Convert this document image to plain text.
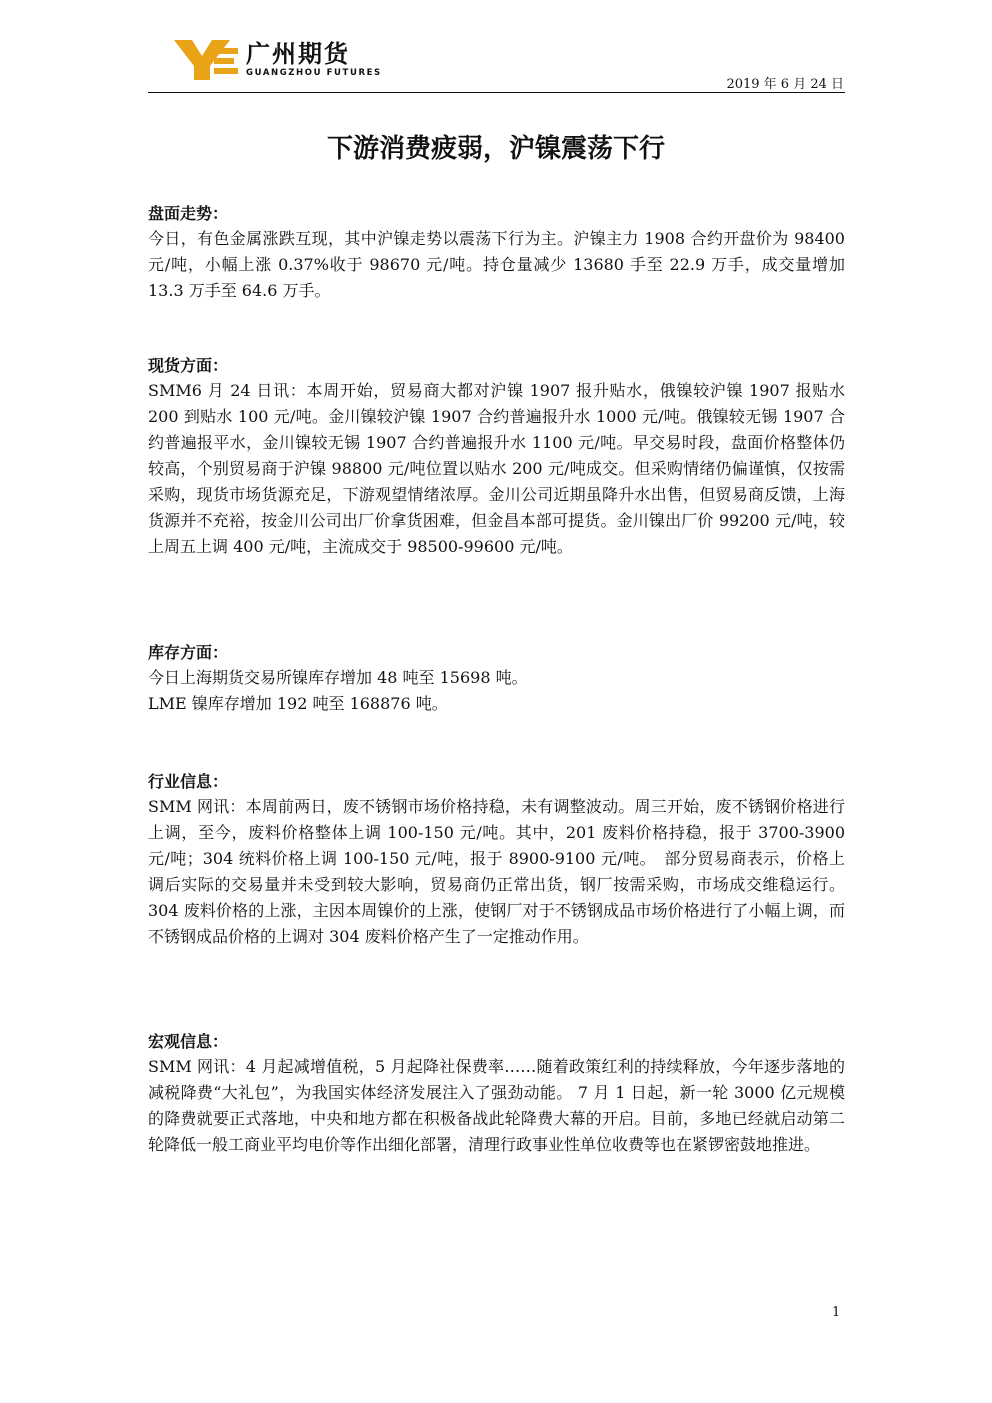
广州期货
GUANGZHOU FUTURES
2019 年 6 月 24 日
下游消费疲弱，沪镍震荡下行

盘面走势：

今日，有色金属涨跌互现，其中沪镍走势以震荡下行为主。沪镍主力 1908 合约开盘价为 98400 元/吨，小幅上涨 0.37%收于 98670 元/吨。持仓量减少 13680 手至 22.9 万手，成交量增加 13.3 万手至 64.6 万手。

现货方面：

SMM6 月 24 日讯：本周开始，贸易商大都对沪镍 1907 报升贴水，俄镍较沪镍 1907 报贴水 200 到贴水 100 元/吨。金川镍较沪镍 1907 合约普遍报升水 1000 元/吨。俄镍较无锡 1907 合约普遍报平水，金川镍较无锡 1907 合约普遍报升水 1100 元/吨。早交易时段，盘面价格整体仍较高，个别贸易商于沪镍 98800 元/吨位置以贴水 200 元/吨成交。但采购情绪仍偏谨慎，仅按需采购，现货市场货源充足，下游观望情绪浓厚。金川公司近期虽降升水出售，但贸易商反馈，上海货源并不充裕，按金川公司出厂价拿货困难，但金昌本部可提货。金川镍出厂价 99200 元/吨，较上周五上调 400 元/吨，主流成交于 98500-99600 元/吨。

库存方面：

今日上海期货交易所镍库存增加 48 吨至 15698 吨。

LME 镍库存增加 192 吨至 168876 吨。

行业信息：

SMM 网讯：本周前两日，废不锈钢市场价格持稳，未有调整波动。周三开始，废不锈钢价格进行上调，至今，废料价格整体上调 100-150 元/吨。其中，201 废料价格持稳，报于 3700-3900 元/吨；304 统料价格上调 100-150 元/吨，报于 8900-9100 元/吨。　部分贸易商表示，价格上调后实际的交易量并未受到较大影响，贸易商仍正常出货，钢厂按需采购，市场成交维稳运行。304 废料价格的上涨，主因本周镍价的上涨，使钢厂对于不锈钢成品市场价格进行了小幅上调，而不锈钢成品价格的上调对 304 废料价格产生了一定推动作用。

宏观信息：

SMM 网讯：4 月起减增值税，5 月起降社保费率……随着政策红利的持续释放，今年逐步落地的减税降费“大礼包”，为我国实体经济发展注入了强劲动能。 7 月 1 日起，新一轮 3000 亿元规模的降费就要正式落地，中央和地方都在积极备战此轮降费大幕的开启。目前，多地已经就启动第二轮降低一般工商业平均电价等作出细化部署，清理行政事业性单位收费等也在紧锣密鼓地推进。

1
